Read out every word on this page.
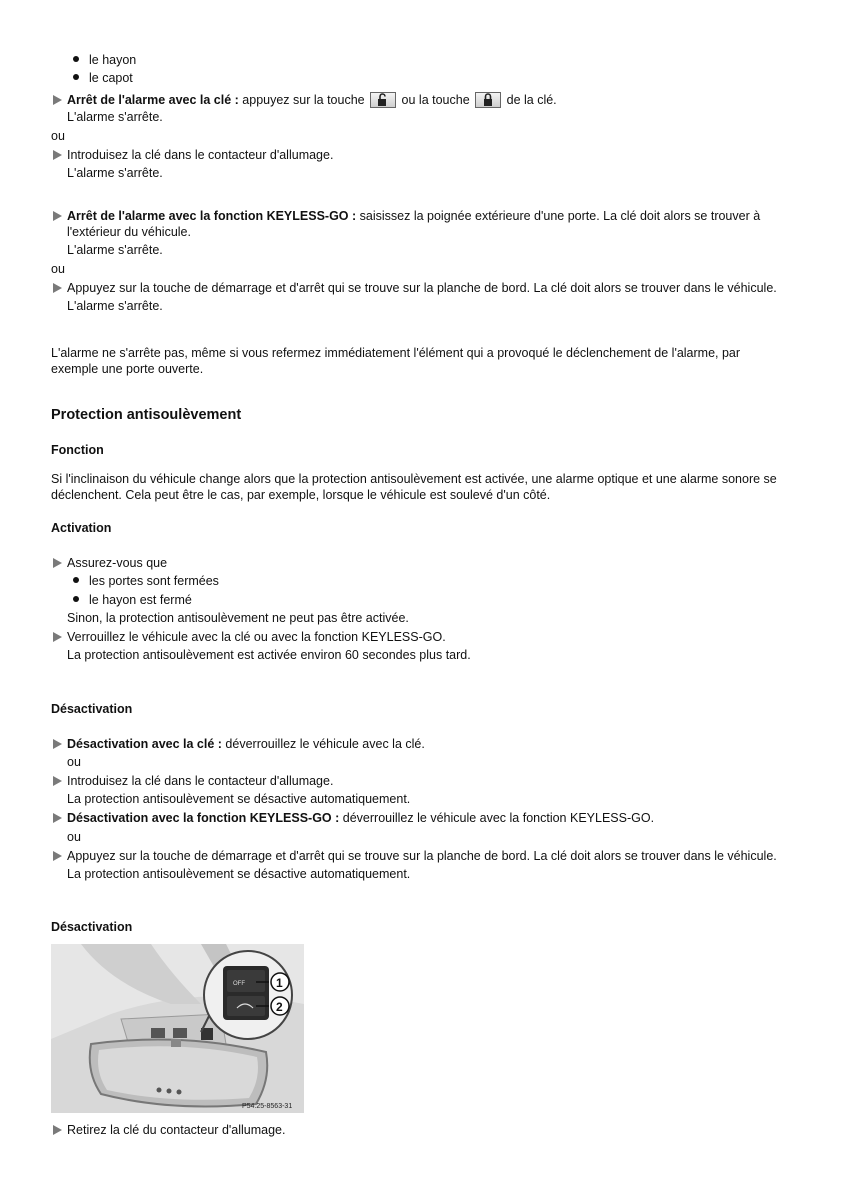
le hayon
le capot
Arrêt de l'alarme avec la clé : appuyez sur la touche
ou la touche
de la clé.
L'alarme s'arrête.
ou
Introduisez la clé dans le contacteur d'allumage.
L'alarme s'arrête.
Arrêt de l'alarme avec la fonction KEYLESS-GO : saisissez la poignée extérieure d'une porte. La clé doit alors se trouver à
l'extérieur du véhicule.
L'alarme s'arrête.
ou
Appuyez sur la touche de démarrage et d'arrêt qui se trouve sur la planche de bord. La clé doit alors se trouver dans le véhicule.
L'alarme s'arrête.
L'alarme ne s'arrête pas, même si vous refermez immédiatement l'élément qui a provoqué le déclenchement de l'alarme, par
exemple une porte ouverte.
Protection antisoulèvement
Fonction
Si l'inclinaison du véhicule change alors que la protection antisoulèvement est activée, une alarme optique et une alarme sonore se
déclenchent. Cela peut être le cas, par exemple, lorsque le véhicule est soulevé d'un côté.
Activation
Assurez-vous que
les portes sont fermées
le hayon est fermé
Sinon, la protection antisoulèvement ne peut pas être activée.
Verrouillez le véhicule avec la clé ou avec la fonction KEYLESS-GO.
La protection antisoulèvement est activée environ 60 secondes plus tard.
Désactivation
Désactivation avec la clé : déverrouillez le véhicule avec la clé.
ou
Introduisez la clé dans le contacteur d'allumage.
La protection antisoulèvement se désactive automatiquement.
Désactivation avec la fonction KEYLESS-GO : déverrouillez le véhicule avec la fonction KEYLESS-GO.
ou
Appuyez sur la touche de démarrage et d'arrêt qui se trouve sur la planche de bord. La clé doit alors se trouver dans le véhicule.
La protection antisoulèvement se désactive automatiquement.
Désactivation
OFF	1
2
P54.25-8563-31
Retirez la clé du contacteur d'allumage.
